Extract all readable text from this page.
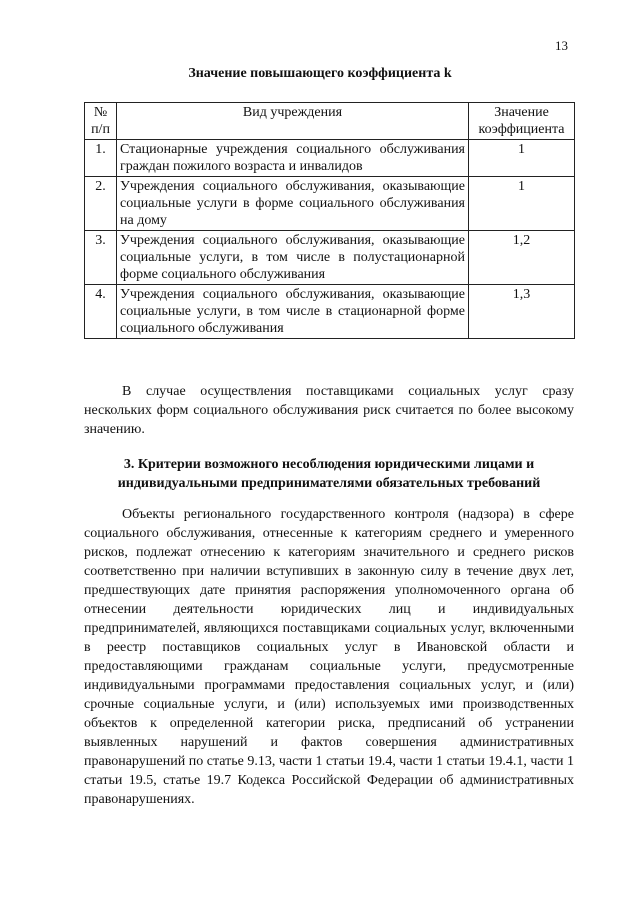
13
Значение повышающего коэффициента k
№ п/п	Вид учреждения	Значение коэффициента
1.	Стационарные учреждения социального обслуживания граждан пожилого возраста и инвалидов	1
2.	Учреждения социального обслуживания, оказывающие социальные услуги в форме социального обслуживания на дому	1
3.	Учреждения социального обслуживания, оказывающие социальные услуги, в том числе в полустационарной форме социального обслуживания	1,2
4.	Учреждения социального обслуживания, оказывающие социальные услуги, в том числе в стационарной форме социального обслуживания	1,3

В случае осуществления поставщиками социальных услуг сразу нескольких форм социального обслуживания риск считается по более высокому значению.

3. Критерии возможного несоблюдения юридическими лицами и индивидуальными предпринимателями обязательных требований

Объекты регионального государственного контроля (надзора) в сфере социального обслуживания, отнесенные к категориям среднего и умеренного рисков, подлежат отнесению к категориям значительного и среднего рисков соответственно при наличии вступивших в законную силу в течение двух лет, предшествующих дате принятия распоряжения уполномоченного органа об отнесении деятельности юридических лиц и индивидуальных предпринимателей, являющихся поставщиками социальных услуг, включенными в реестр поставщиков социальных услуг в Ивановской области и предоставляющими гражданам социальные услуги, предусмотренные индивидуальными программами предоставления социальных услуг, и (или) срочные социальные услуги, и (или) используемых ими производственных объектов к определенной категории риска, предписаний об устранении выявленных нарушений и фактов совершения административных правонарушений по статье 9.13, части 1 статьи 19.4, части 1 статьи 19.4.1, части 1 статьи 19.5, статье 19.7 Кодекса Российской Федерации об административных правонарушениях.
